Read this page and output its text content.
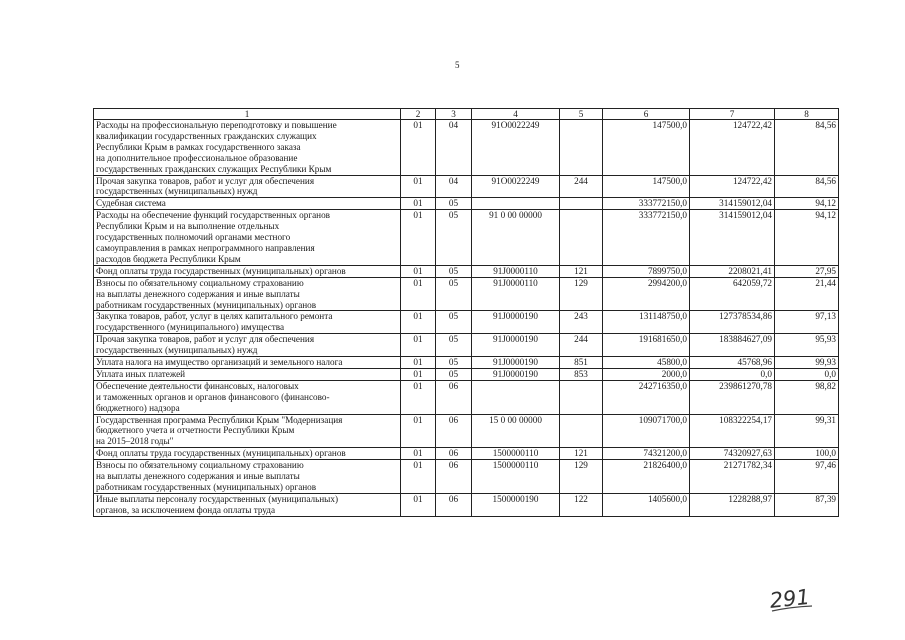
5
1	2	3	4	5	6	7	8
Расходы на профессиональную переподготовку и повышение
квалификации государственных гражданских служащих
Республики Крым в рамках государственного заказа
на дополнительное профессиональное образование
государственных гражданских служащих Республики Крым	01	04	91О0022249		147500,0	124722,42	84,56
Прочая закупка товаров, работ и услуг для обеспечения
государственных (муниципальных) нужд	01	04	91О0022249	244	147500,0	124722,42	84,56
Судебная система	01	05			333772150,0	314159012,04	94,12
Расходы на обеспечение функций государственных органов
Республики Крым и на выполнение отдельных
государственных полномочий органами местного
самоуправления в рамках непрограммного направления
расходов бюджета Республики Крым	01	05	91 0 00 00000		333772150,0	314159012,04	94,12
Фонд оплаты труда государственных (муниципальных) органов	01	05	91J0000110	121	7899750,0	2208021,41	27,95
Взносы по обязательному социальному страхованию
на выплаты денежного содержания и иные выплаты
работникам государственных (муниципальных) органов	01	05	91J0000110	129	2994200,0	642059,72	21,44
Закупка товаров, работ, услуг в целях капитального ремонта
государственного (муниципального) имущества	01	05	91J0000190	243	131148750,0	127378534,86	97,13
Прочая закупка товаров, работ и услуг для обеспечения
государственных (муниципальных) нужд	01	05	91J0000190	244	191681650,0	183884627,09	95,93
Уплата налога на имущество организаций и земельного налога	01	05	91J0000190	851	45800,0	45768,96	99,93
Уплата иных платежей	01	05	91J0000190	853	2000,0	0,0	0,0
Обеспечение деятельности финансовых, налоговых
и таможенных органов и органов финансового (финансово-
бюджетного) надзора	01	06			242716350,0	239861270,78	98,82
Государственная программа Республики Крым "Модернизация
бюджетного учета и отчетности Республики Крым
на 2015–2018 годы"	01	06	15 0 00 00000		109071700,0	108322254,17	99,31
Фонд оплаты труда государственных (муниципальных) органов	01	06	1500000110	121	74321200,0	74320927,63	100,0
Взносы по обязательному социальному страхованию
на выплаты денежного содержания и иные выплаты
работникам государственных (муниципальных) органов	01	06	1500000110	129	21826400,0	21271782,34	97,46
Иные выплаты персоналу государственных (муниципальных)
органов, за исключением фонда оплаты труда	01	06	1500000190	122	1405600,0	1228288,97	87,39
291
